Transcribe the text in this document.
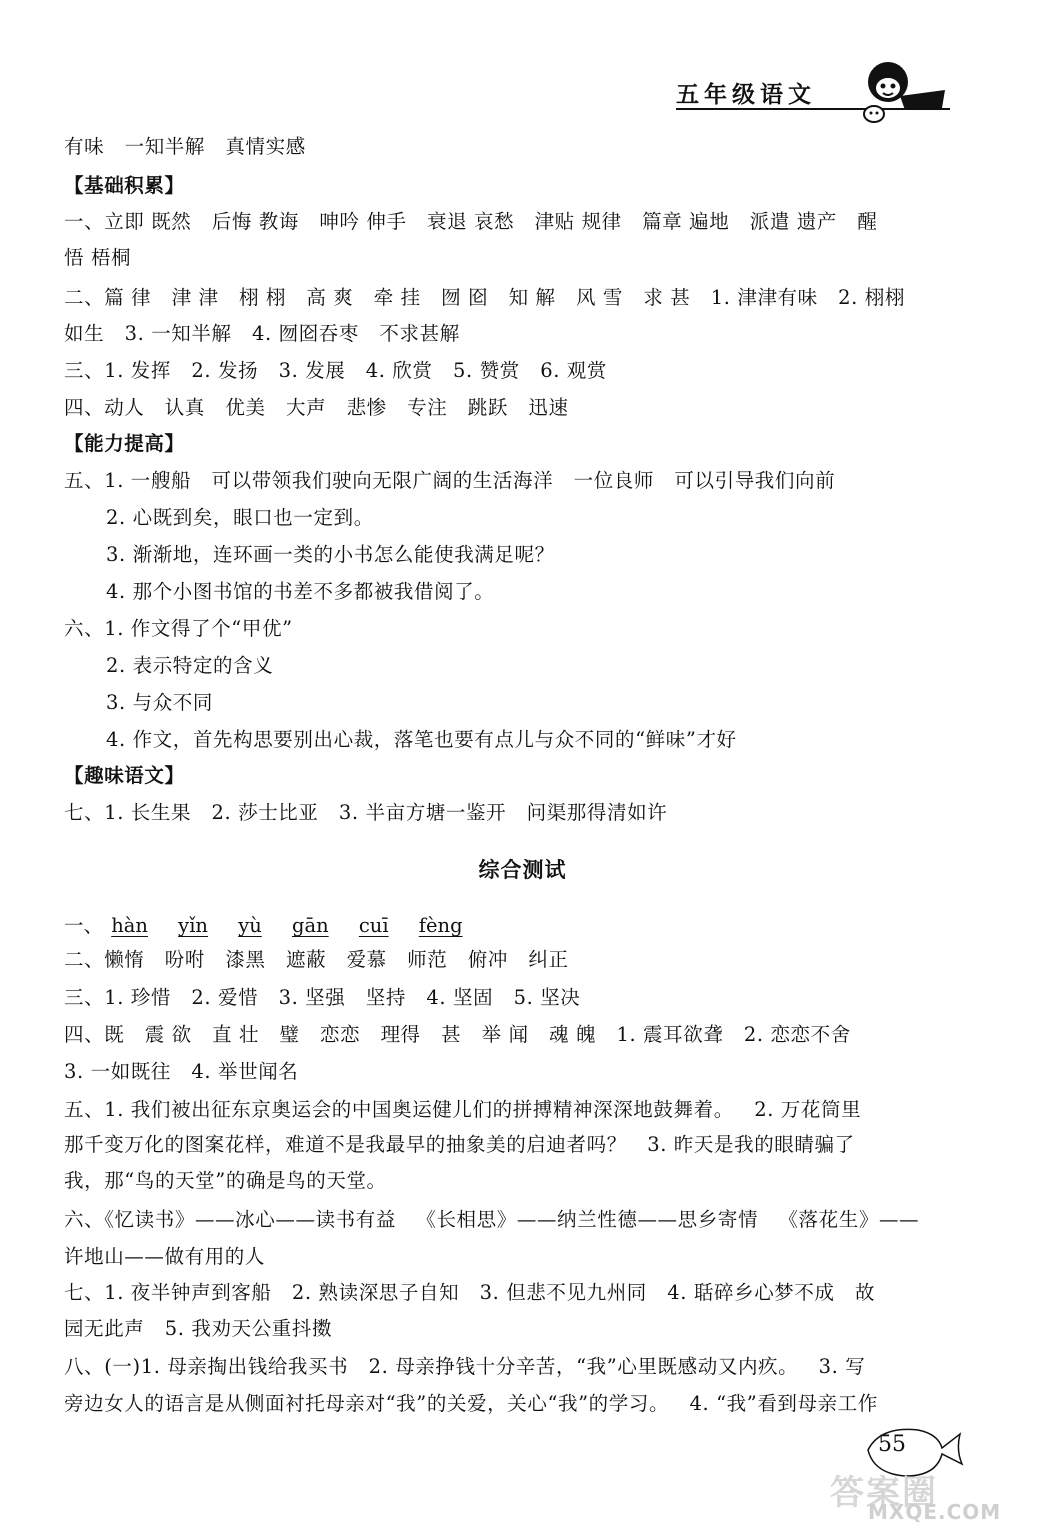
五年级语文
有味   一知半解   真情实感
【基础积累】
一、立即 既然   后悔 教诲   呻吟 伸手   衰退 哀愁   津贴 规律   篇章 遍地   派遣 遗产   醒
悟 梧桐
二、篇 律   津 津   栩 栩   高 爽   牵 挂   囫 囵   知 解   风 雪   求 甚   1. 津津有味   2. 栩栩
如生   3. 一知半解   4. 囫囵吞枣   不求甚解
三、1. 发挥   2. 发扬   3. 发展   4. 欣赏   5. 赞赏   6. 观赏
四、动人   认真   优美   大声   悲惨   专注   跳跃   迅速
【能力提高】
五、1. 一艘船   可以带领我们驶向无限广阔的生活海洋   一位良师   可以引导我们向前
2. 心既到矣，眼口也一定到。
3. 渐渐地，连环画一类的小书怎么能使我满足呢？
4. 那个小图书馆的书差不多都被我借阅了。
六、1. 作文得了个“甲优”
2. 表示特定的含义
3. 与众不同
4. 作文，首先构思要别出心裁，落笔也要有点儿与众不同的“鲜味”才好
【趣味语文】
七、1. 长生果   2. 莎士比亚   3. 半亩方塘一鉴开   问渠那得清如许
综合测试
一、 hàn yǐn yù gān cuī fèng
二、懒惰   吩咐   漆黑   遮蔽   爱慕   师范   俯冲   纠正
三、1. 珍惜   2. 爱惜   3. 坚强   坚持   4. 坚固   5. 坚决
四、既   震 欲   直 壮   璧   恋恋   理得   甚   举 闻   魂 魄   1. 震耳欲聋   2. 恋恋不舍
3. 一如既往   4. 举世闻名
五、1. 我们被出征东京奥运会的中国奥运健儿们的拼搏精神深深地鼓舞着。   2. 万花筒里
那千变万化的图案花样，难道不是我最早的抽象美的启迪者吗？   3. 昨天是我的眼睛骗了
我，那“鸟的天堂”的确是鸟的天堂。
六、《忆读书》——冰心——读书有益   《长相思》——纳兰性德——思乡寄情   《落花生》——
许地山——做有用的人
七、1. 夜半钟声到客船   2. 熟读深思子自知   3. 但悲不见九州同   4. 聒碎乡心梦不成   故
园无此声   5. 我劝天公重抖擞
八、(一)1. 母亲掏出钱给我买书   2. 母亲挣钱十分辛苦，“我”心里既感动又内疚。   3. 写
旁边女人的语言是从侧面衬托母亲对“我”的关爱，关心“我”的学习。   4. “我”看到母亲工作
55
答案圈
MXQE.COM
